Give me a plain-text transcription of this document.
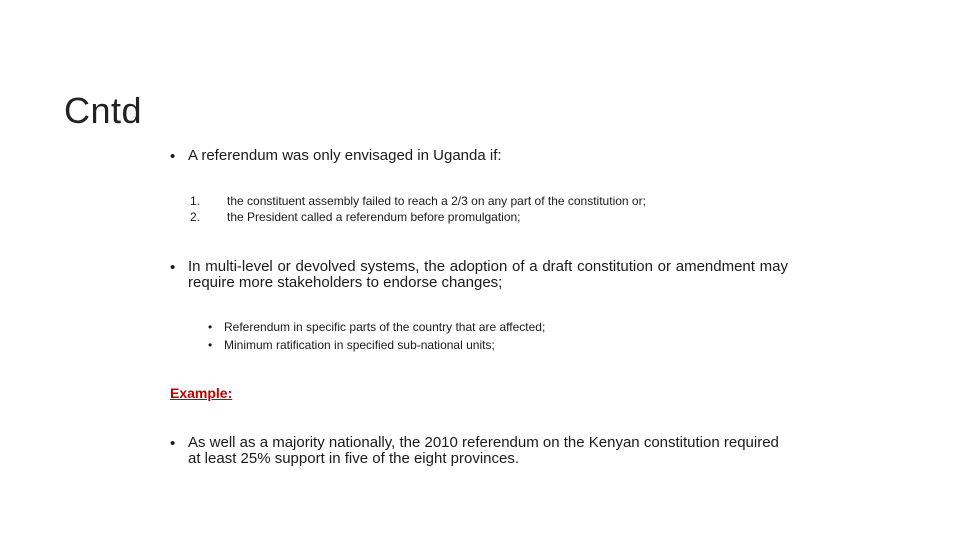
Cntd
• A referendum was only envisaged in Uganda if:
1.	the constituent assembly failed to reach a 2/3 on any part of the constitution or;
2.	the President called a referendum before promulgation;
• In multi-level or devolved systems, the adoption of a draft constitution or amendment may require more stakeholders to endorse changes;
• Referendum in specific parts of the country that are affected;
• Minimum ratification in specified sub-national units;
Example:
• As well as a majority nationally, the 2010 referendum on the Kenyan constitution required at least 25% support in five of the eight provinces.
